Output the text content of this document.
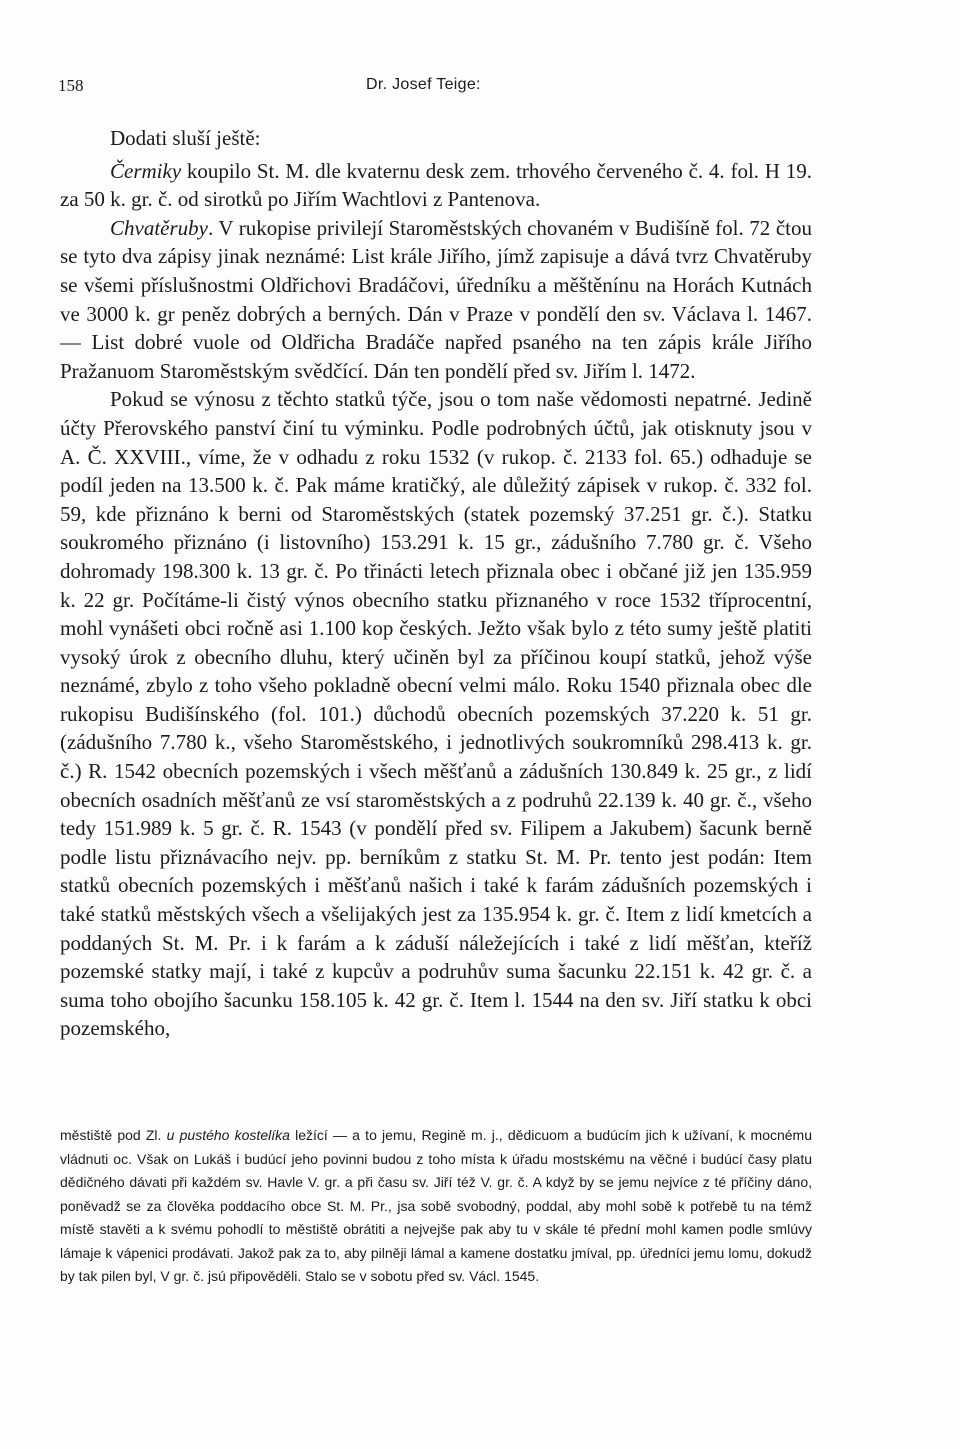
158	Dr. Josef Teige:

Dodati sluší ještě:

Čermiky koupilo St. M. dle kvaternu desk zem. trhového červeného č. 4. fol. H 19. za 50 k. gr. č. od sirotků po Jiřím Wachtlovi z Pantenova.

Chvatěruby. V rukopise privilejí Staroměstských chovaném v Budišíně fol. 72 čtou se tyto dva zápisy jinak neznámé: List krále Jiřího, jímž zapisuje a dává tvrz Chvatěruby se všemi příslušnostmi Oldřichovi Bradáčovi, úředníku a měštěnínu na Horách Kutnách ve 3000 k. gr peněz dobrých a berných. Dán v Praze v pondělí den sv. Václava l. 1467. — List dobré vuole od Oldřicha Bradáče napřed psaného na ten zápis krále Jiřího Pražanuom Staroměstským svědčící. Dán ten pondělí před sv. Jiřím l. 1472.

Pokud se výnosu z těchto statků týče, jsou o tom naše vědomosti nepatrné. Jedině účty Přerovského panství činí tu výminku. Podle podrobných účtů, jak otisknuty jsou v A. Č. XXVIII., víme, že v odhadu z roku 1532 (v rukop. č. 2133 fol. 65.) odhaduje se podíl jeden na 13.500 k. č. Pak máme kratičký, ale důležitý zápisek v rukop. č. 332 fol. 59, kde přiznáno k berni od Staroměstských (statek pozemský 37.251 gr. č.). Statku soukromého přiznáno (i listovního) 153.291 k. 15 gr., zádušního 7.780 gr. č. Všeho dohromady 198.300 k. 13 gr. č. Po třinácti letech přiznala obec i občané již jen 135.959 k. 22 gr. Počítáme-li čistý výnos obecního statku přiznaného v roce 1532 tříprocentní, mohl vynášeti obci ročně asi 1.100 kop českých. Ježto však bylo z této sumy ještě platiti vysoký úrok z obecního dluhu, který učiněn byl za příčinou koupí statků, jehož výše neznámé, zbylo z toho všeho pokladně obecní velmi málo. Roku 1540 přiznala obec dle rukopisu Budišínského (fol. 101.) důchodů obecních pozemských 37.220 k. 51 gr. (zádušního 7.780 k., všeho Staroměstského, i jednotlivých soukromníků 298.413 k. gr. č.) R. 1542 obecních pozemských i všech měšťanů a zádušních 130.849 k. 25 gr., z lidí obecních osadních měšťanů ze vsí staroměstských a z podruhů 22.139 k. 40 gr. č., všeho tedy 151.989 k. 5 gr. č. R. 1543 (v pondělí před sv. Filipem a Jakubem) šacunk berně podle listu přiznávacího nejv. pp. berníkům z statku St. M. Pr. tento jest podán: Item statků obecních pozemských i měšťanů našich i také k farám zádušních pozemských i také statků městských všech a všelijakých jest za 135.954 k. gr. č. Item z lidí kmetcích a poddaných St. M. Pr. i k farám a k záduší náležejících i také z lidí měšťan, kteříž pozemské statky mají, i také z kupcův a podruhův suma šacunku 22.151 k. 42 gr. č. a suma toho obojího šacunku 158.105 k. 42 gr. č. Item l. 1544 na den sv. Jiří statku k obci pozemského,

městiště pod Zl. u pustého kostelíka ležící — a to jemu, Regině m. j., dědicuom a budúcím jich k užívaní, k mocnému vládnuti oc. Však on Lukáš i budúcí jeho povinni budou z toho místa k úřadu mostskému na věčné i budúcí časy platu dědičného dávati při každém sv. Havle V. gr. a při času sv. Jiří též V. gr. č. A když by se jemu nejvíce z té příčiny dáno, poněvadž se za člověka poddacího obce St. M. Pr., jsa sobě svobodný, poddal, aby mohl sobě k potřebě tu na témž místě stavěti a k svému pohodlí to městiště obrátiti a nejvejše pak aby tu v skále té přední mohl kamen podle smlúvy lámaje k vápenici prodávati. Jakož pak za to, aby pilněji lámal a kamene dostatku jmíval, pp. úředníci jemu lomu, dokudž by tak pilen byl, V gr. č. jsú připověděli. Stalo se v sobotu před sv. Václ. 1545.
